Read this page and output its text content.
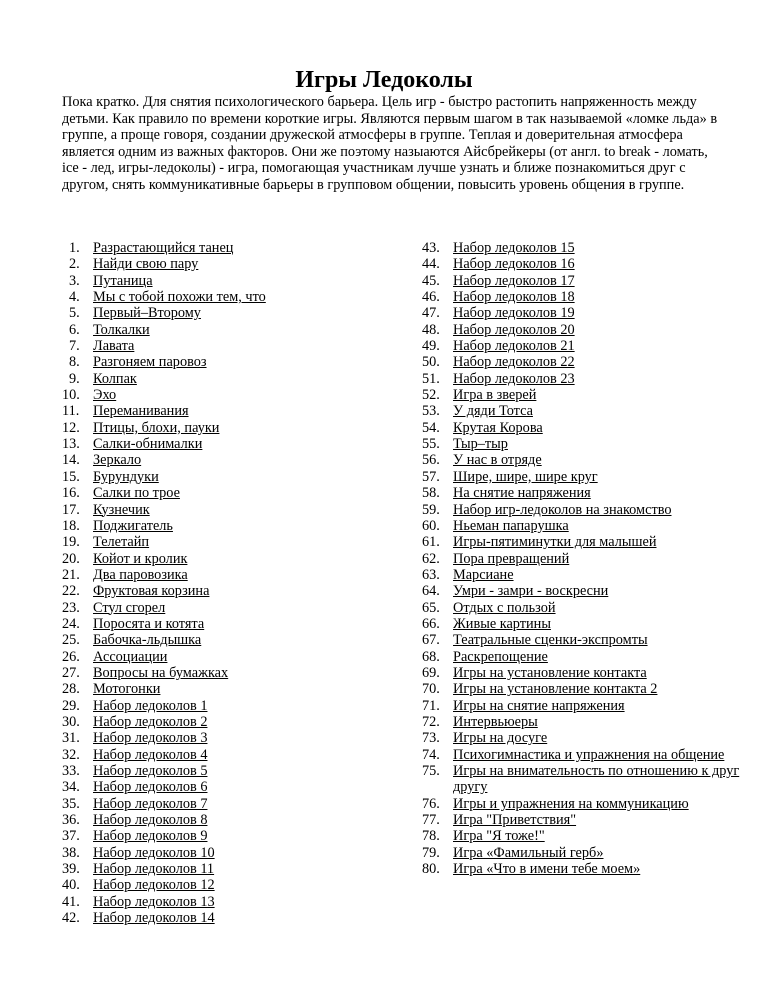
Игры Ледоколы

Пока кратко. Для снятия психологического барьера. Цель игр - быстро растопить напряженность между детьми. Как правило по времени короткие игры. Являются первым шагом в так называемой «ломке льда» в группе, а проще говоря, создании дружеской атмосферы в группе. Теплая и доверительная атмосфера является одним из важных факторов. Они же поэтому назыаются Айсбрейкеры (от англ. to break - ломать, ice - лед, игры-ледоколы) - игра, помогающая участникам лучше узнать и ближе познакомиться друг с другом, снять коммуникативные барьеры в групповом общении, повысить уровень общения в группе.

1. Разрастающийся танец
2. Найди свою пару
3. Путаница
4. Мы с тобой похожи тем, что
5. Первый–Второму
6. Толкалки
7. Лавата
8. Разгоняем паровоз
9. Колпак
10. Эхо
11. Переманивания
12. Птицы, блохи, пауки
13. Салки-обнималки
14. Зеркало
15. Бурундуки
16. Салки по трое
17. Кузнечик
18. Поджигатель
19. Телетайп
20. Койот и кролик
21. Два паровозика
22. Фруктовая корзина
23. Стул сгорел
24. Поросята и котята
25. Бабочка-льдышка
26. Ассоциации
27. Вопросы на бумажках
28. Мотогонки
29. Набор ледоколов 1
30. Набор ледоколов 2
31. Набор ледоколов 3
32. Набор ледоколов 4
33. Набор ледоколов 5
34. Набор ледоколов 6
35. Набор ледоколов 7
36. Набор ледоколов 8
37. Набор ледоколов 9
38. Набор ледоколов 10
39. Набор ледоколов 11
40. Набор ледоколов 12
41. Набор ледоколов 13
42. Набор ледоколов 14
43. Набор ледоколов 15
44. Набор ледоколов 16
45. Набор ледоколов 17
46. Набор ледоколов 18
47. Набор ледоколов 19
48. Набор ледоколов 20
49. Набор ледоколов 21
50. Набор ледоколов 22
51. Набор ледоколов 23
52. Игра в зверей
53. У дяди Тотса
54. Крутая Корова
55. Тыр–тыр
56. У нас в отряде
57. Шире, шире, шире круг
58. На снятие напряжения
59. Набор игр-ледоколов на знакомство
60. Ньеман папарушка
61. Игры-пятиминутки для малышей
62. Пора превращений
63. Марсиане
64. Умри - замри - воскресни
65. Отдых с пользой
66. Живые картины
67. Театральные сценки-экспромты
68. Раскрепощение
69. Игры на установление контакта
70. Игры на установление контакта 2
71. Игры на снятие напряжения
72. Интервьюеры
73. Игры на досуге
74. Психогимнастика и упражнения на общение
75. Игры на внимательность по отношению к друг другу
76. Игры и упражнения на коммуникацию
77. Игра "Приветствия"
78. Игра "Я тоже!"
79. Игра «Фамильный герб»
80. Игра «Что в имени тебе моем»
